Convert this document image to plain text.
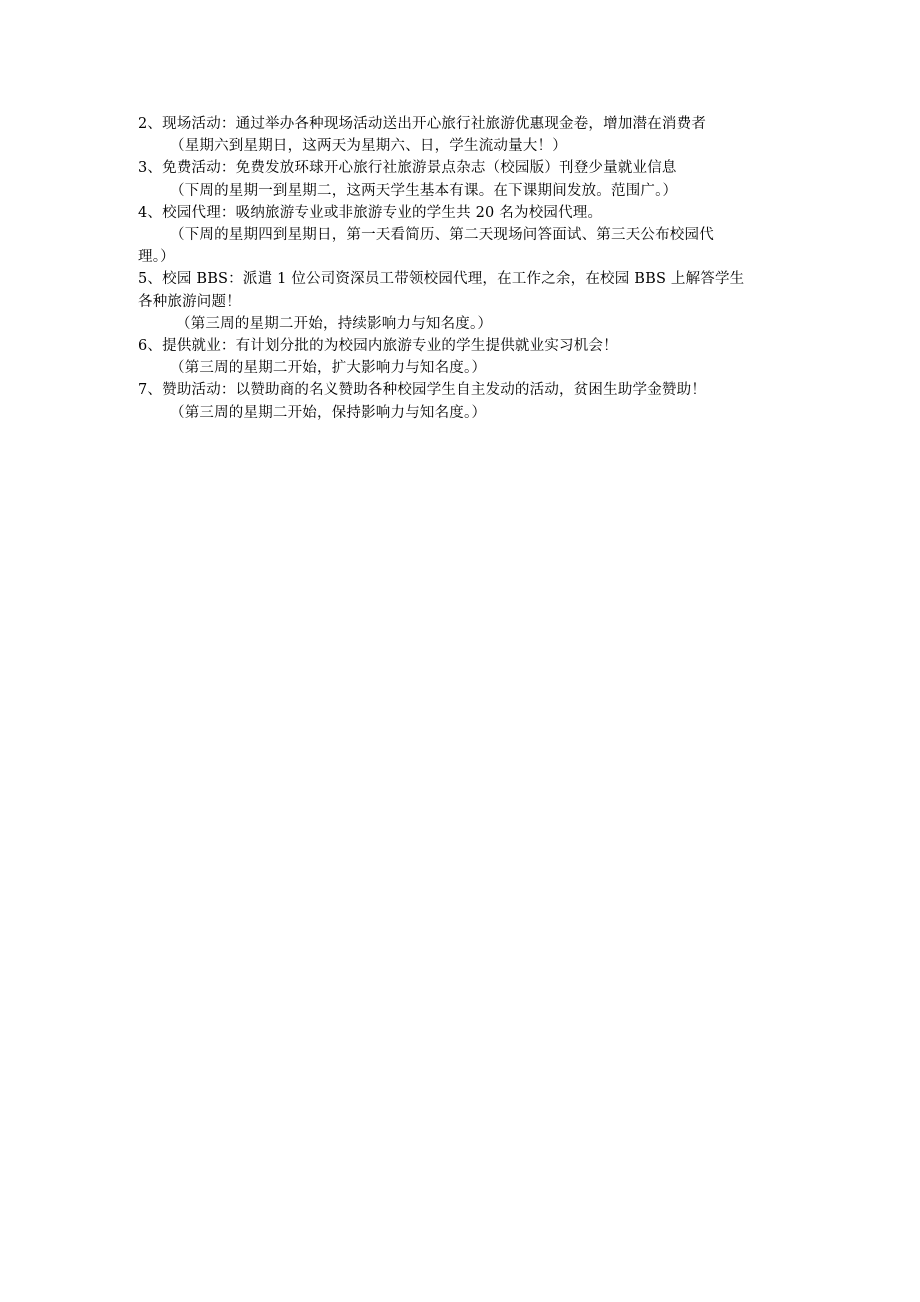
2、现场活动：通过举办各种现场活动送出开心旅行社旅游优惠现金卷，增加潜在消费者
（星期六到星期日，这两天为星期六、日，学生流动量大！）
3、免费活动：免费发放环球开心旅行社旅游景点杂志（校园版）刊登少量就业信息
（下周的星期一到星期二，这两天学生基本有课。在下课期间发放。范围广。）
4、校园代理：吸纳旅游专业或非旅游专业的学生共 20 名为校园代理。
（下周的星期四到星期日，第一天看简历、第二天现场问答面试、第三天公布校园代
理。）
5、校园 BBS：派遣 1 位公司资深员工带领校园代理，在工作之余，在校园 BBS 上解答学生
各种旅游问题！
（第三周的星期二开始，持续影响力与知名度。）
6、提供就业：有计划分批的为校园内旅游专业的学生提供就业实习机会！
（第三周的星期二开始，扩大影响力与知名度。）
7、赞助活动：以赞助商的名义赞助各种校园学生自主发动的活动，贫困生助学金赞助！
（第三周的星期二开始，保持影响力与知名度。）
